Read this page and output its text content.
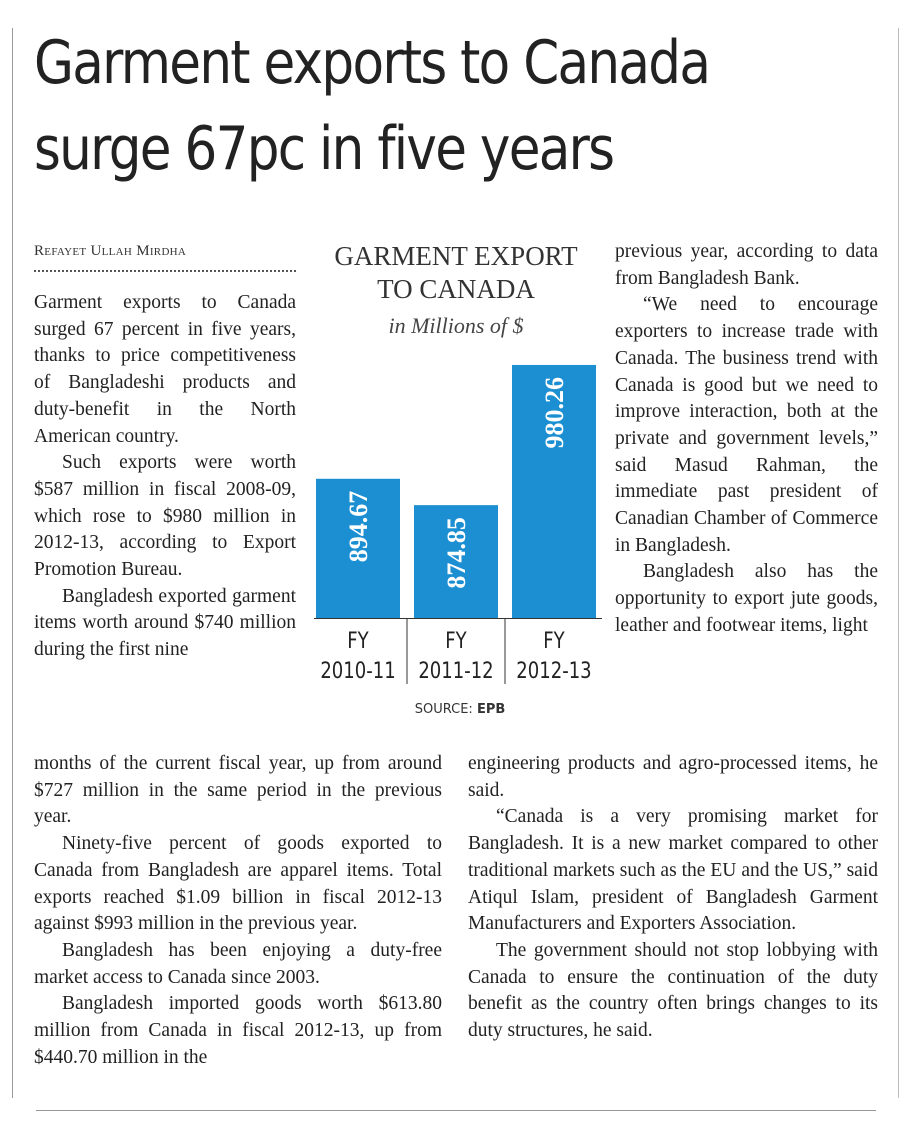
Garment exports to Canada
surge 67pc in five years
Refayet Ullah Mirdha

Garment exports to Canada surged 67 percent in five years, thanks to price competitiveness of Bangladeshi products and duty-benefit in the North American country.

Such exports were worth $587 million in fiscal 2008-09, which rose to $980 million in 2012-13, according to Export Promotion Bureau.

Bangladesh exported garment items worth around $740 million during the first nine

months of the current fiscal year, up from around $727 million in the same period in the previous year.

Ninety-five percent of goods exported to Canada from Bangladesh are apparel items. Total exports reached $1.09 billion in fiscal 2012-13 against $993 million in the previous year.

Bangladesh has been enjoying a duty-free market access to Canada since 2003.

Bangladesh imported goods worth $613.80 million from Canada in fiscal 2012-13, up from $440.70 million in the

previous year, according to data from Bangladesh Bank.

“We need to encourage exporters to increase trade with Canada. The business trend with Canada is good but we need to improve interaction, both at the private and government levels,” said Masud Rahman, the immediate past president of Canadian Chamber of Commerce in Bangladesh.

Bangladesh also has the opportunity to export jute goods, leather and footwear items, light

engineering products and agro-processed items, he said.

“Canada is a very promising market for Bangladesh. It is a new market compared to other traditional markets such as the EU and the US,” said Atiqul Islam, president of Bangladesh Garment Manufacturers and Exporters Association.

The government should not stop lobbying with Canada to ensure the continuation of the duty benefit as the country often brings changes to its duty structures, he said.

GARMENT EXPORT
TO CANADA
in Millions of $
894.67
FY
2010-11
874.85
FY
2011-12
980.26
FY
2012-13
SOURCE: EPB
